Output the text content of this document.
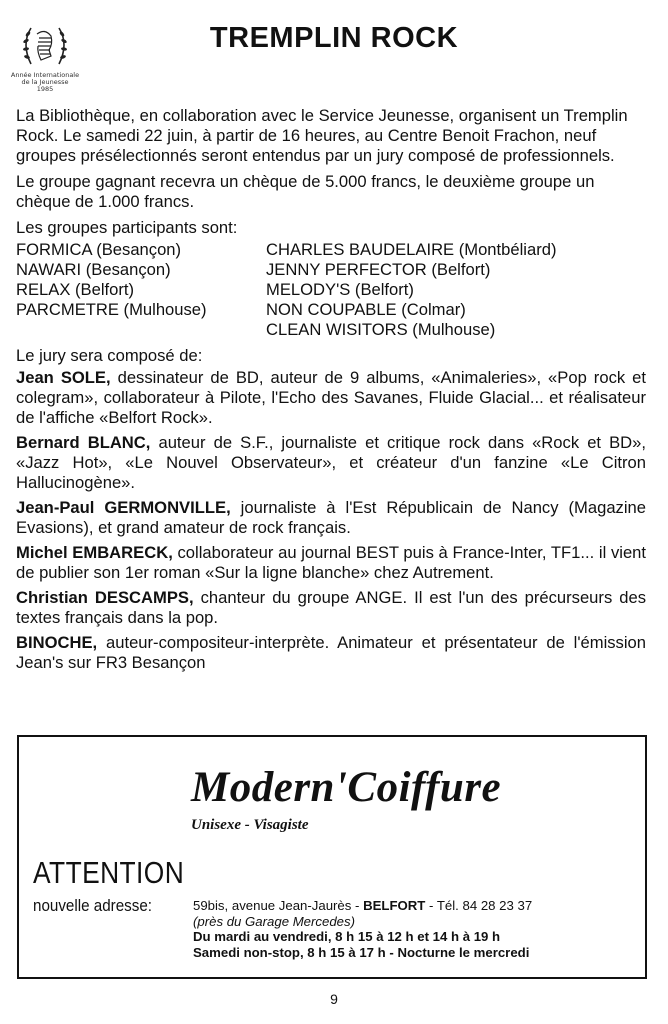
Année Internationale
de la Jeunesse
1985
TREMPLIN ROCK

La Bibliothèque, en collaboration avec le Service Jeunesse, organisent un Tremplin Rock. Le samedi 22 juin, à partir de 16 heures, au Centre Benoit Frachon, neuf groupes présélectionnés seront entendus par un jury composé de professionnels.

Le groupe gagnant recevra un chèque de 5.000 francs, le deuxième groupe un chèque de 1.000 francs.

Les groupes participants sont:

FORMICA (Besançon)
NAWARI (Besançon)
RELAX (Belfort)
PARCMETRE (Mulhouse)
CHARLES BAUDELAIRE (Montbéliard)
JENNY PERFECTOR (Belfort)
MELODY'S (Belfort)
NON COUPABLE (Colmar)
CLEAN WISITORS (Mulhouse)

Le jury sera composé de:

Jean SOLE, dessinateur de BD, auteur de 9 albums, «Animaleries», «Pop rock et colegram», collaborateur à Pilote, l'Echo des Savanes, Fluide Glacial... et réalisateur de l'affiche «Belfort Rock».

Bernard BLANC, auteur de S.F., journaliste et critique rock dans «Rock et BD», «Jazz Hot», «Le Nouvel Observateur», et créateur d'un fanzine «Le Citron Hallucinogène».

Jean-Paul GERMONVILLE, journaliste à l'Est Républicain de Nancy (Magazine Evasions), et grand amateur de rock français.

Michel EMBARECK, collaborateur au journal BEST puis à France-Inter, TF1... il vient de publier son 1er roman «Sur la ligne blanche» chez Autrement.

Christian DESCAMPS, chanteur du groupe ANGE. Il est l'un des précurseurs des textes français dans la pop.

BINOCHE, auteur-compositeur-interprète. Animateur et présentateur de l'émission Jean's sur FR3 Besançon

Modern'Coiffure
Unisexe - Visagiste
ATTENTION
nouvelle adresse:	59bis, avenue Jean-Jaurès - BELFORT - Tél. 84 28 23 37
(près du Garage Mercedes)
Du mardi au vendredi, 8 h 15 à 12 h et 14 h à 19 h
Samedi non-stop, 8 h 15 à 17 h - Nocturne le mercredi
9
